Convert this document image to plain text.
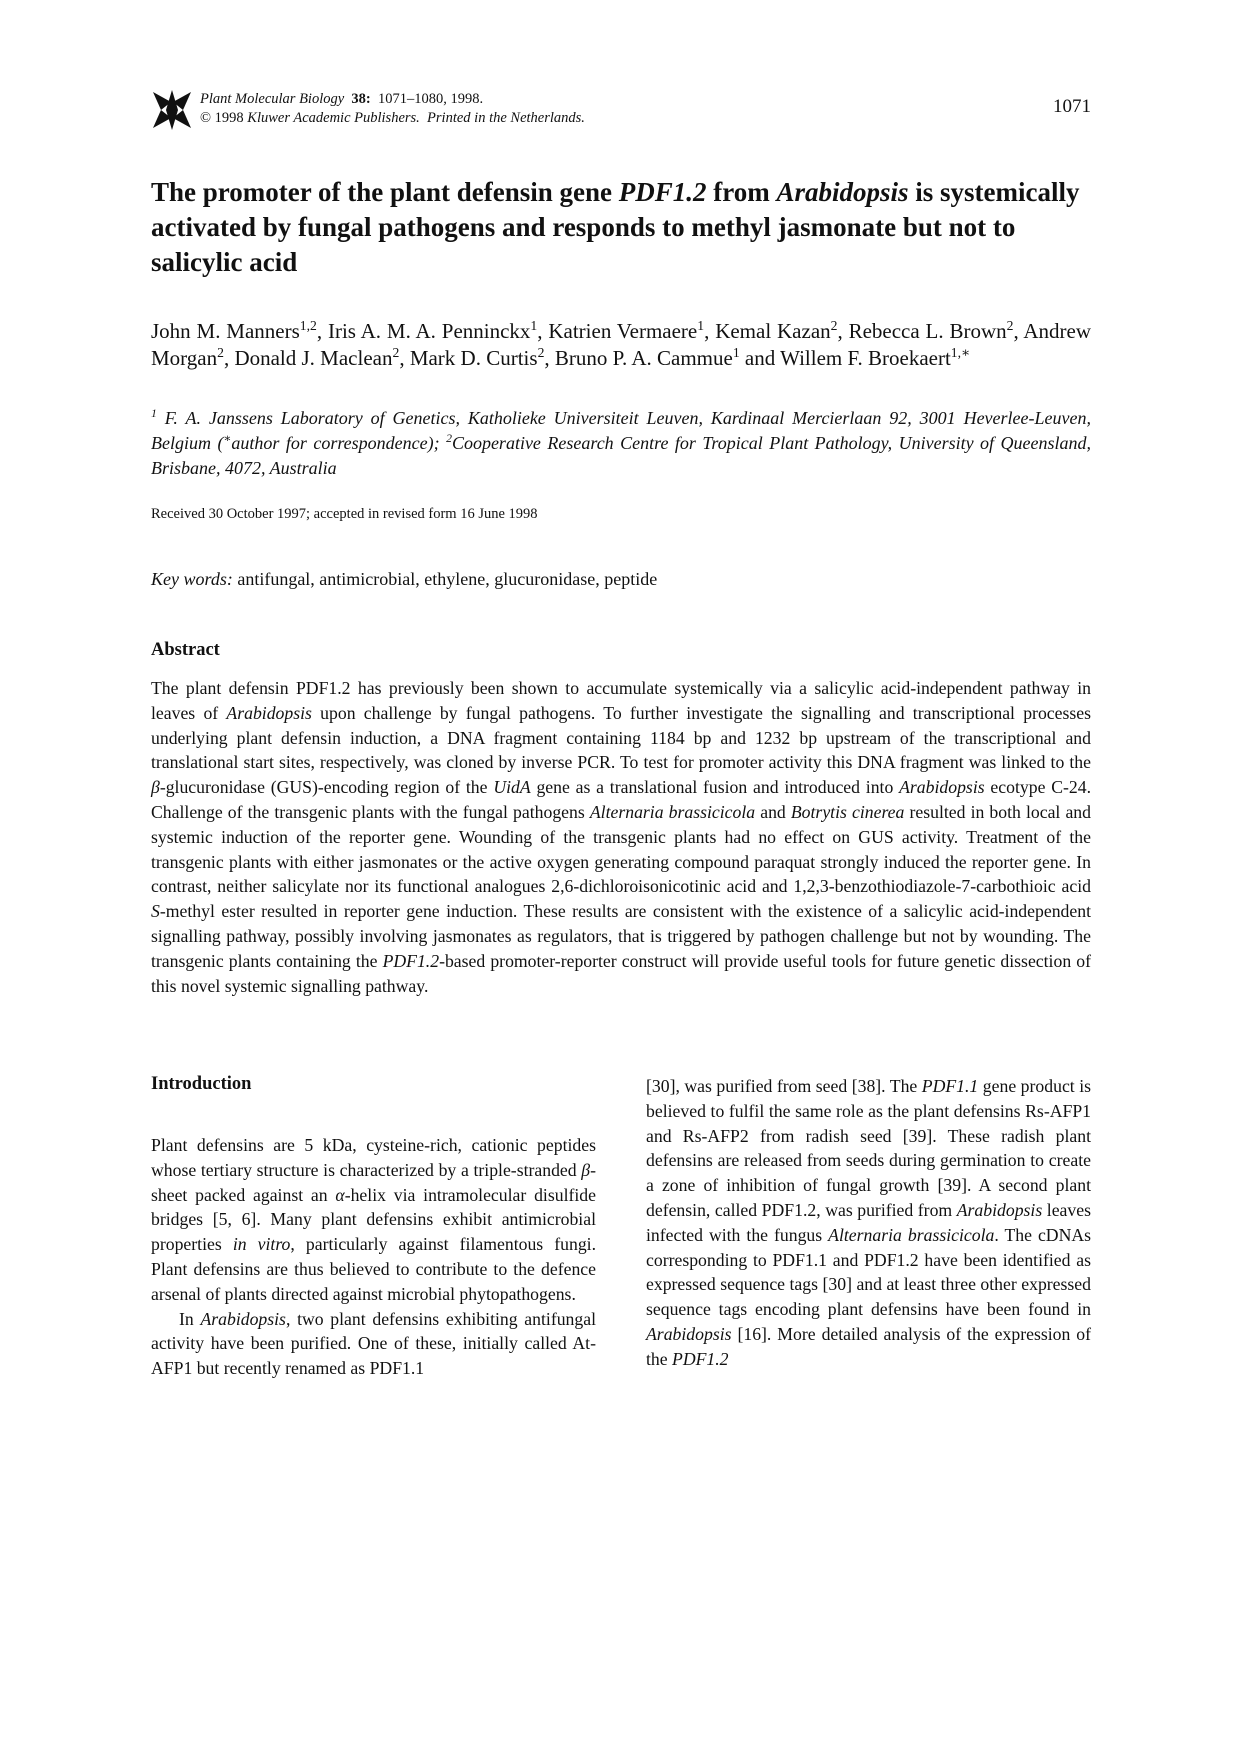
Plant Molecular Biology 38: 1071–1080, 1998.
© 1998 Kluwer Academic Publishers. Printed in the Netherlands.
1071
The promoter of the plant defensin gene PDF1.2 from Arabidopsis is systemically activated by fungal pathogens and responds to methyl jasmonate but not to salicylic acid
John M. Manners$^{1,2}$, Iris A. M. A. Penninckx$^1$, Katrien Vermaere$^1$, Kemal Kazan$^2$, Rebecca L. Brown$^2$, Andrew Morgan$^2$, Donald J. Maclean$^2$, Mark D. Curtis$^2$, Bruno P. A. Cammue$^1$ and Willem F. Broekaert$^{1,∗}$
$^1$ F. A. Janssens Laboratory of Genetics, Katholieke Universiteit Leuven, Kardinaal Mercierlaan 92, 3001 Heverlee-Leuven, Belgium (∗author for correspondence); $^2$Cooperative Research Centre for Tropical Plant Pathology, University of Queensland, Brisbane, 4072, Australia
Received 30 October 1997; accepted in revised form 16 June 1998
Key words: antifungal, antimicrobial, ethylene, glucuronidase, peptide
Abstract

The plant defensin PDF1.2 has previously been shown to accumulate systemically via a salicylic acid-independent pathway in leaves of Arabidopsis upon challenge by fungal pathogens. To further investigate the signalling and transcriptional processes underlying plant defensin induction, a DNA fragment containing 1184 bp and 1232 bp upstream of the transcriptional and translational start sites, respectively, was cloned by inverse PCR. To test for promoter activity this DNA fragment was linked to the β-glucuronidase (GUS)-encoding region of the UidA gene as a translational fusion and introduced into Arabidopsis ecotype C-24. Challenge of the transgenic plants with the fungal pathogens Alternaria brassicicola and Botrytis cinerea resulted in both local and systemic induction of the reporter gene. Wounding of the transgenic plants had no effect on GUS activity. Treatment of the transgenic plants with either jasmonates or the active oxygen generating compound paraquat strongly induced the reporter gene. In contrast, neither salicylate nor its functional analogues 2,6-dichloroisonicotinic acid and 1,2,3-benzothiodiazole-7-carbothioic acid S-methyl ester resulted in reporter gene induction. These results are consistent with the existence of a salicylic acid-independent signalling pathway, possibly involving jasmonates as regulators, that is triggered by pathogen challenge but not by wounding. The transgenic plants containing the PDF1.2-based promoter-reporter construct will provide useful tools for future genetic dissection of this novel systemic signalling pathway.

Introduction

Plant defensins are 5 kDa, cysteine-rich, cationic peptides whose tertiary structure is characterized by a triple-stranded β-sheet packed against an α-helix via intramolecular disulfide bridges [5, 6]. Many plant defensins exhibit antimicrobial properties in vitro, particularly against filamentous fungi. Plant defensins are thus believed to contribute to the defence arsenal of plants directed against microbial phytopathogens.

In Arabidopsis, two plant defensins exhibiting antifungal activity have been purified. One of these, initially called At-AFP1 but recently renamed as PDF1.1

[30], was purified from seed [38]. The PDF1.1 gene product is believed to fulfil the same role as the plant defensins Rs-AFP1 and Rs-AFP2 from radish seed [39]. These radish plant defensins are released from seeds during germination to create a zone of inhibition of fungal growth [39]. A second plant defensin, called PDF1.2, was purified from Arabidopsis leaves infected with the fungus Alternaria brassicicola. The cDNAs corresponding to PDF1.1 and PDF1.2 have been identified as expressed sequence tags [30] and at least three other expressed sequence tags encoding plant defensins have been found in Arabidopsis [16]. More detailed analysis of the expression of the PDF1.2
